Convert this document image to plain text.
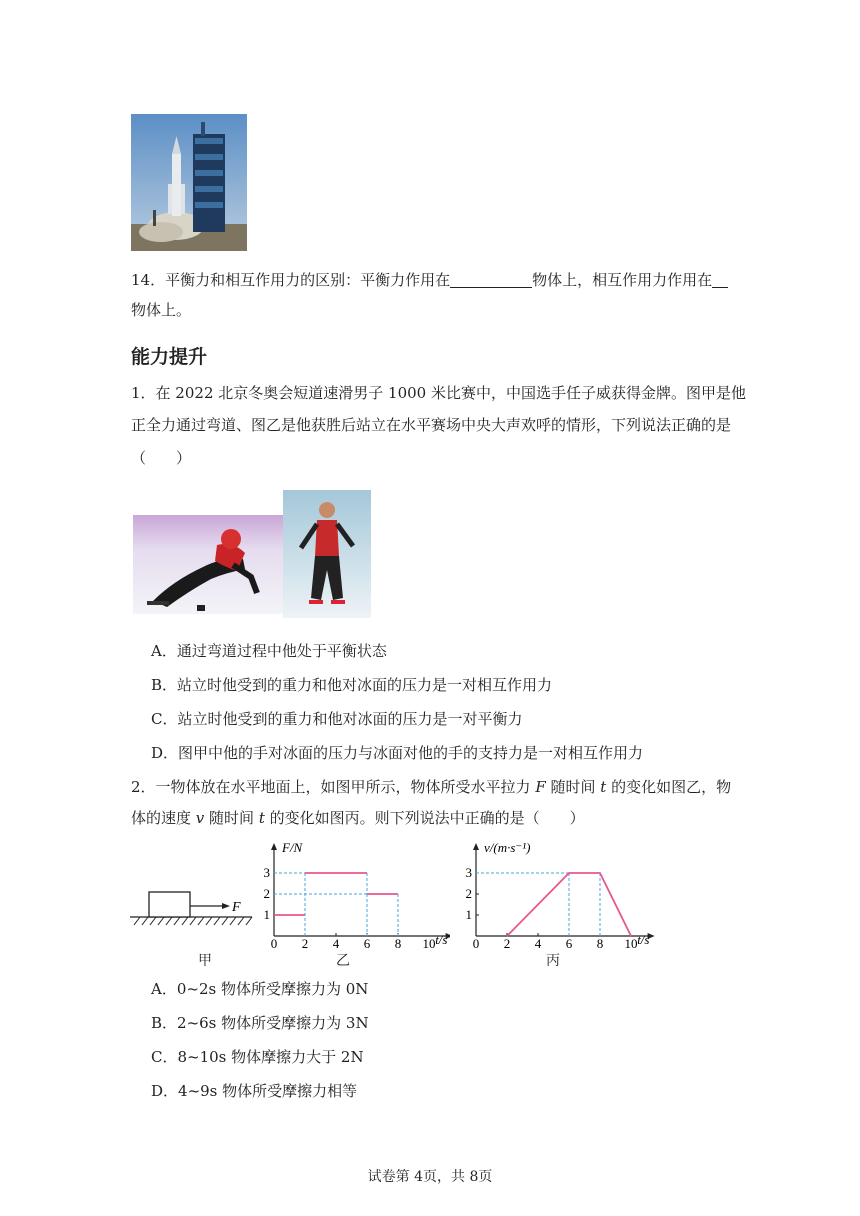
14．平衡力和相互作用力的区别：平衡力作用在	物体上，相互作用力作用在
物体上。
能力提升
1．在 2022 北京冬奥会短道速滑男子 1000 米比赛中，中国选手任子威获得金牌。图甲是他
正全力通过弯道、图乙是他获胜后站立在水平赛场中央大声欢呼的情形，下列说法正确的是
（　　）
A．通过弯道过程中他处于平衡状态
B．站立时他受到的重力和他对冰面的压力是一对相互作用力
C．站立时他受到的重力和他对冰面的压力是一对平衡力
D．图甲中他的手对冰面的压力与冰面对他的手的支持力是一对相互作用力
2．一物体放在水平地面上，如图甲所示，物体所受水平拉力 F 随时间 t 的变化如图乙，物
体的速度 v 随时间 t 的变化如图丙。则下列说法中正确的是（　　）
F
甲
F/N
t/s
0 2 4 6 8 10
1
2
3
乙
v/(m·s⁻¹)
t/s
0 2 4 6 8 10
1
2
3
丙
A．0~2s 物体所受摩擦力为 0N
B．2~6s 物体所受摩擦力为 3N
C．8~10s 物体摩擦力大于 2N
D．4~9s 物体所受摩擦力相等
试卷第 4页，共 8页
